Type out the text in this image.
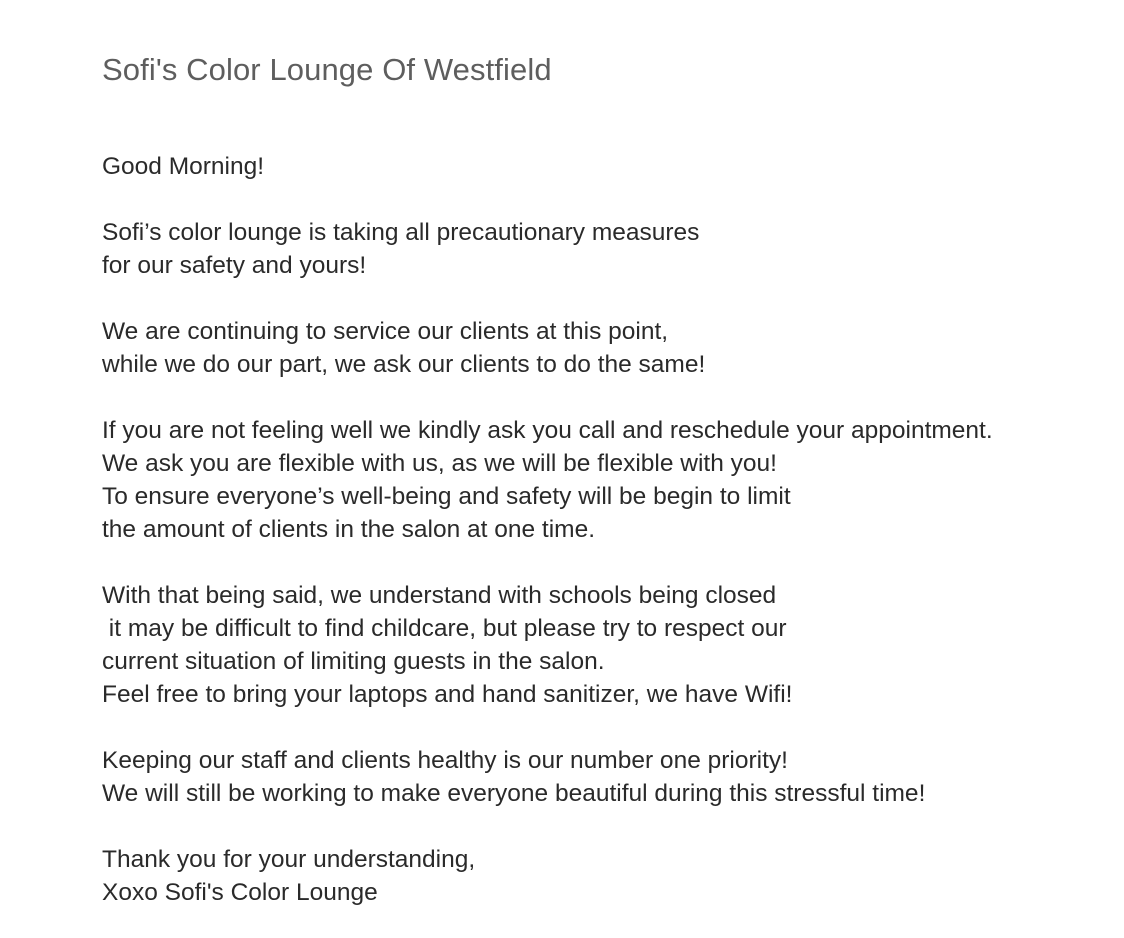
Sofi's Color Lounge Of Westfield

Good Morning!

Sofi’s color lounge is taking all precautionary measures
for our safety and yours!

We are continuing to service our clients at this point,
while we do our part, we ask our clients to do the same!

If you are not feeling well we kindly ask you call and reschedule your appointment.
We ask you are flexible with us, as we will be flexible with you!
To ensure everyone’s well-being and safety will be begin to limit
the amount of clients in the salon at one time.

With that being said, we understand with schools being closed
it may be difficult to find childcare, but please try to respect our
current situation of limiting guests in the salon.
Feel free to bring your laptops and hand sanitizer, we have Wifi!

Keeping our staff and clients healthy is our number one priority!
We will still be working to make everyone beautiful during this stressful time!

Thank you for your understanding,
Xoxo Sofi's Color Lounge
